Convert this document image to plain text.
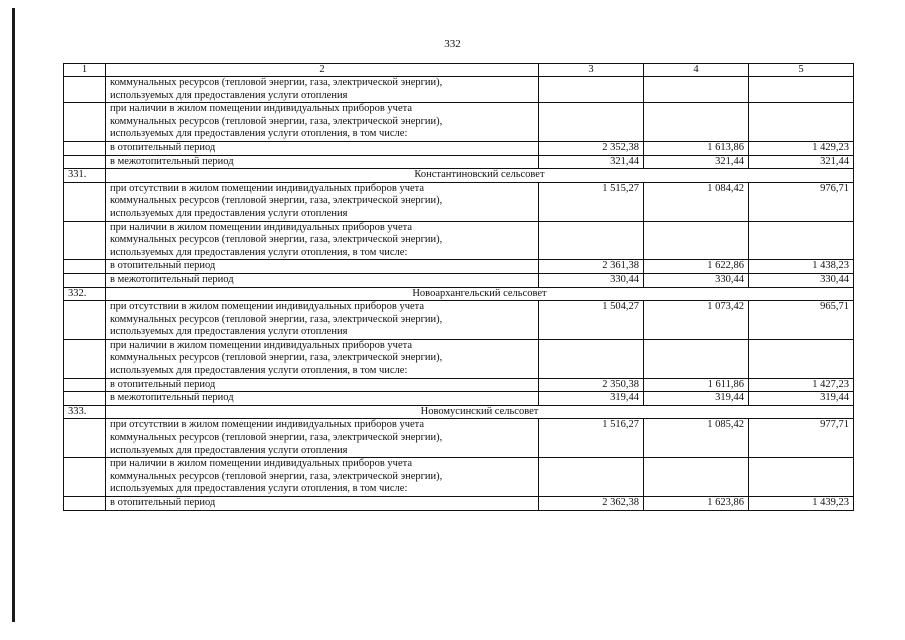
332
1	2	3	4	5

	коммунальных ресурсов (тепловой энергии, газа, электрической энергии),
используемых для предоставления услуги отопления			

	при наличии в жилом помещении индивидуальных приборов учета
коммунальных ресурсов (тепловой энергии, газа, электрической энергии),
используемых для предоставления услуги отопления, в том числе:			

	в отопительный период	2 352,38	1 613,86	1 429,23

	в межотопительный период	321,44	321,44	321,44
331.	Константиновский сельсовет			

	при отсутствии в жилом помещении индивидуальных приборов учета
коммунальных ресурсов (тепловой энергии, газа, электрической энергии),
используемых для предоставления услуги отопления	1 515,27	1 084,42	976,71

	при наличии в жилом помещении индивидуальных приборов учета
коммунальных ресурсов (тепловой энергии, газа, электрической энергии),
используемых для предоставления услуги отопления, в том числе:			

	в отопительный период	2 361,38	1 622,86	1 438,23

	в межотопительный период	330,44	330,44	330,44
332.	Новоархангельский сельсовет			

	при отсутствии в жилом помещении индивидуальных приборов учета
коммунальных ресурсов (тепловой энергии, газа, электрической энергии),
используемых для предоставления услуги отопления	1 504,27	1 073,42	965,71

	при наличии в жилом помещении индивидуальных приборов учета
коммунальных ресурсов (тепловой энергии, газа, электрической энергии),
используемых для предоставления услуги отопления, в том числе:			

	в отопительный период	2 350,38	1 611,86	1 427,23

	в межотопительный период	319,44	319,44	319,44
333.	Новомусинский сельсовет			

	при отсутствии в жилом помещении индивидуальных приборов учета
коммунальных ресурсов (тепловой энергии, газа, электрической энергии),
используемых для предоставления услуги отопления	1 516,27	1 085,42	977,71

	при наличии в жилом помещении индивидуальных приборов учета
коммунальных ресурсов (тепловой энергии, газа, электрической энергии),
используемых для предоставления услуги отопления, в том числе:			

	в отопительный период	2 362,38	1 623,86	1 439,23
